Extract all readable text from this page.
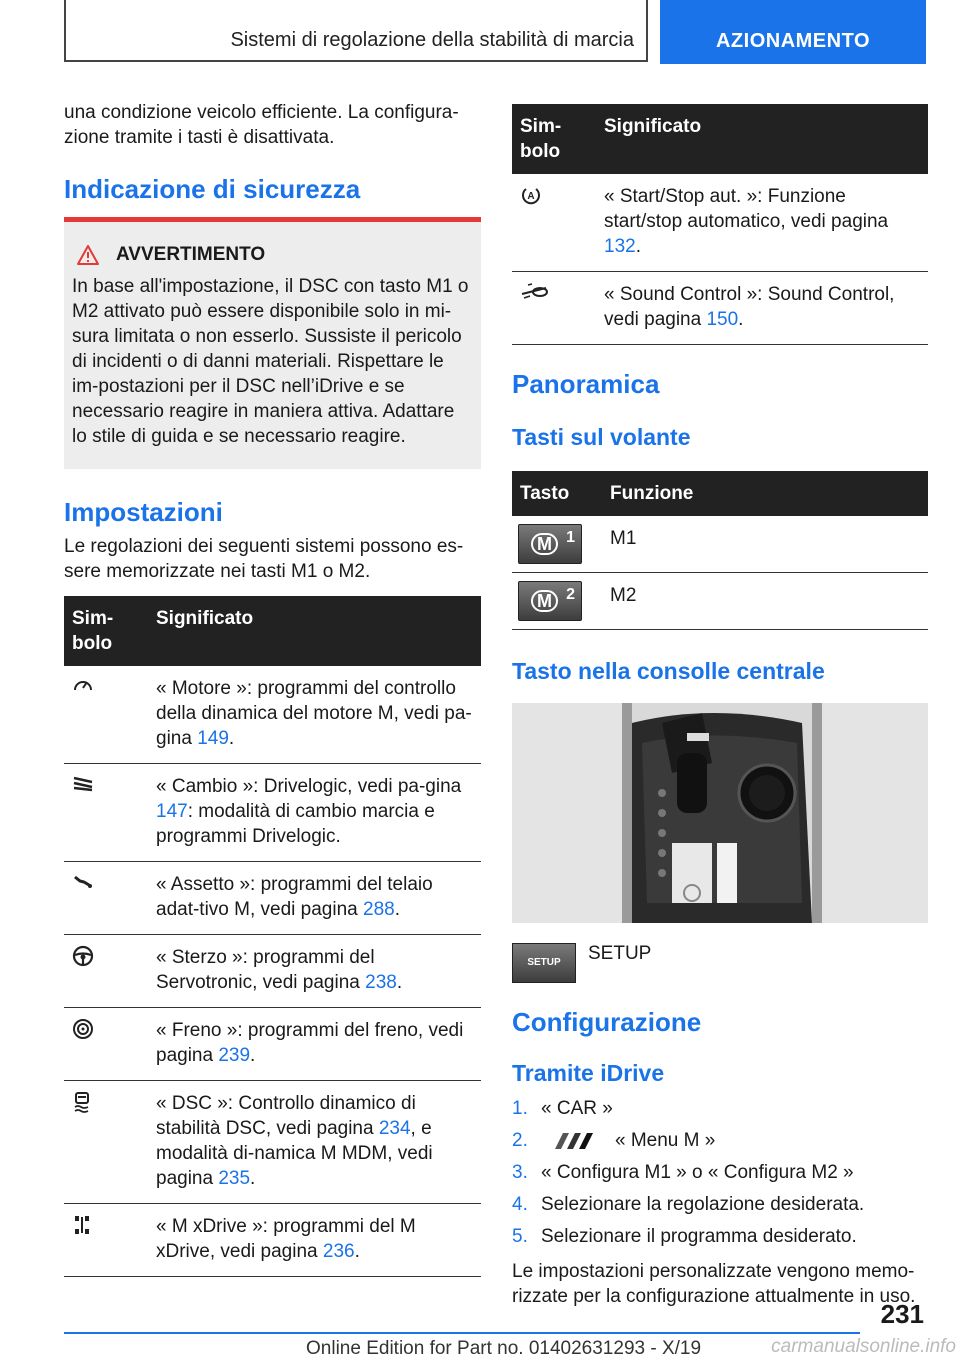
Sistemi di regolazione della stabilità di marcia	AZIONAMENTO

una condizione veicolo efficiente. La configura-zione tramite i tasti è disattivata.

Indicazione di sicurezza
AVVERTIMENTO

In base all'impostazione, il DSC con tasto M1 o M2 attivato può essere disponibile solo in mi-sura limitata o non esserlo. Sussiste il pericolo di incidenti o di danni materiali. Rispettare le im-postazioni per il DSC nell’iDrive e se necessario reagire in maniera attiva. Adattare lo stile di guida e se necessario reagire.

Impostazioni

Le regolazioni dei seguenti sistemi possono es-sere memorizzate nei tasti M1 o M2.

Sim-bolo	Significato
	« Motore »: programmi del controllo della dinamica del motore M, vedi pa-gina 149.
	« Cambio »: Drivelogic, vedi pa-gina 147: modalità di cambio marcia e programmi Drivelogic.
	« Assetto »: programmi del telaio adat-tivo M, vedi pagina 288.
	« Sterzo »: programmi del Servotronic, vedi pagina 238.
	« Freno »: programmi del freno, vedi pagina 239.
	« DSC »: Controllo dinamico di stabilità DSC, vedi pagina 234, e modalità di-namica M MDM, vedi pagina 235.
	« M xDrive »: programmi del M xDrive, vedi pagina 236.
Sim-bolo	Significato

A	« Start/Stop aut. »: Funzione start/stop automatico, vedi pagina 132.
	« Sound Control »: Sound Control, vedi pagina 150.
Panoramica
Tasti sul volante
Tasto	Funzione

M 1	M1

M 2	M2
Tasto nella consolle centrale
SETUP	SETUP
Configurazione
Tramite iDrive
1. « CAR »
2.	« Menu M »
3. « Configura M1 » o « Configura M2 »
4. Selezionare la regolazione desiderata.
5. Selezionare il programma desiderato.

Le impostazioni personalizzate vengono memo-rizzate per la configurazione attualmente in uso.

231
Online Edition for Part no. 01402631293 - X/19	carmanualsonline.info
